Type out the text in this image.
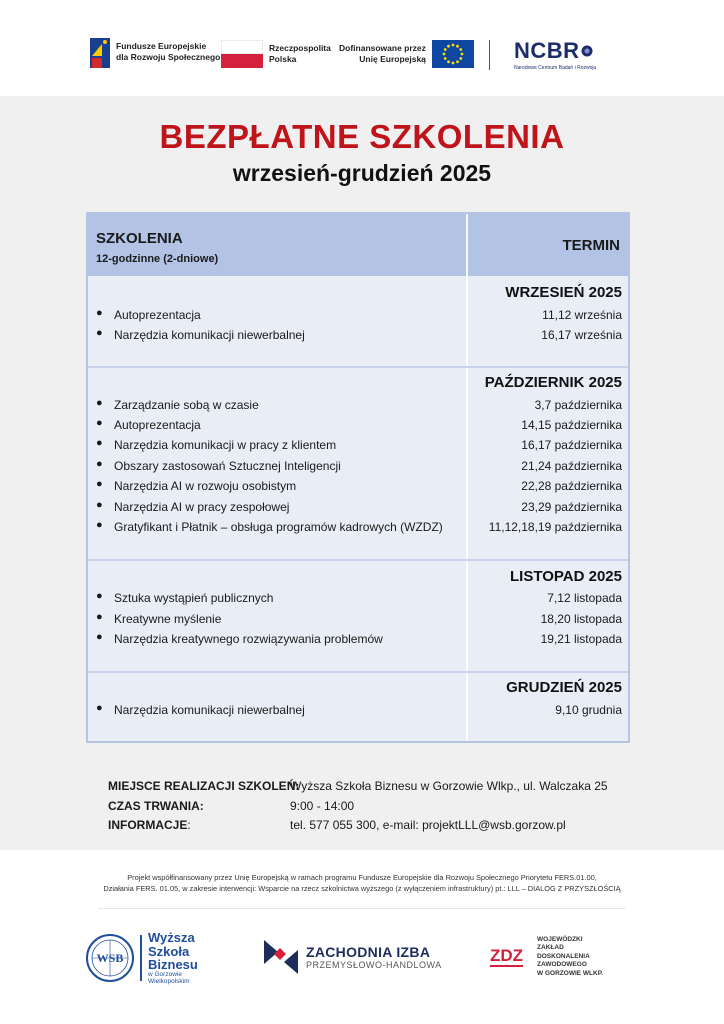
Fundusze Europejskie
dla Rozwoju Społecznego
Rzeczpospolita
Polska
Dofinansowane przez
Unię Europejską	NCBR
Narodowe Centrum Badań i Rozwoju
BEZPŁATNE SZKOLENIA
wrzesień-grudzień 2025
SZKOLENIA
12-godzinne (2-dniowe)
TERMIN
WRZESIEŃ 2025
● Autoprezentacja	11,12 września
● Narzędzia komunikacji niewerbalnej	16,17 września
PAŹDZIERNIK 2025
● Zarządzanie sobą w czasie	3,7 października
● Autoprezentacja	14,15 października
● Narzędzia komunikacji w pracy z klientem	16,17 października
● Obszary zastosowań Sztucznej Inteligencji	21,24 października
● Narzędzia AI w rozwoju osobistym	22,28 października
● Narzędzia AI w pracy zespołowej	23,29 października
● Gratyfikant i Płatnik – obsługa programów kadrowych (WZDZ)	11,12,18,19 października
LISTOPAD 2025
● Sztuka wystąpień publicznych	7,12 listopada
● Kreatywne myślenie	18,20 listopada
● Narzędzia kreatywnego rozwiązywania problemów	19,21 listopada
GRUDZIEŃ 2025
● Narzędzia komunikacji niewerbalnej	9,10 grudnia
MIEJSCE REALIZACJI SZKOLEŃ:
Wyższa Szkoła Biznesu w Gorzowie Wlkp., ul. Walczaka 25
CZAS TRWANIA:	9:00 - 14:00
INFORMACJE:	tel. 577 055 300, e-mail: projektLLL@wsb.gorzow.pl
Projekt współfinansowany przez Unię Europejską w ramach programu Fundusze Europejskie dla Rozwoju Społecznego Priorytetu FERS.01.00,
Działania FERS. 01.05, w zakresie interwencji: Wsparcie na rzecz szkolnictwa wyższego (z wyłączeniem infrastruktury) pt.: LLL – DIALOG Z PRZYSZŁOŚCIĄ
WSB
Wyższa
Szkoła
Biznesu
w Gorzowie
Wielkopolskim
ZACHODNIA IZBA
PRZEMYSŁOWO-HANDLOWA	ZDZ
WOJEWÓDZKI
ZAKŁAD
DOSKONALENIA
ZAWODOWEGO
W GORZOWIE WLKP.
